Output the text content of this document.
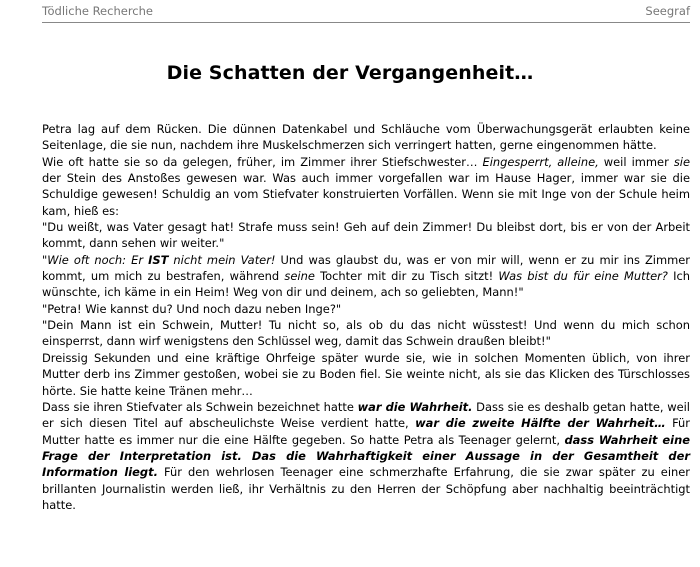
Tödliche Recherche	Seegraf
Die Schatten der Vergangenheit…

Petra lag auf dem Rücken. Die dünnen Datenkabel und Schläuche vom Überwachungsgerät erlaubten keine Seitenlage, die sie nun, nachdem ihre Muskelschmerzen sich verringert hatten, gerne eingenommen hätte.

Wie oft hatte sie so da gelegen, früher, im Zimmer ihrer Stiefschwester… Eingesperrt, alleine, weil immer sie der Stein des Anstoßes gewesen war. Was auch immer vorgefallen war im Hause Hager, immer war sie die Schuldige gewesen! Schuldig an vom Stiefvater konstruierten Vorfällen. Wenn sie mit Inge von der Schule heim kam, hieß es:

"Du weißt, was Vater gesagt hat! Strafe muss sein! Geh auf dein Zimmer! Du bleibst dort, bis er von der Arbeit kommt, dann sehen wir weiter."

"Wie oft noch: Er IST nicht mein Vater! Und was glaubst du, was er von mir will, wenn er zu mir ins Zimmer kommt, um mich zu bestrafen, während seine Tochter mit dir zu Tisch sitzt! Was bist du für eine Mutter? Ich wünschte, ich käme in ein Heim! Weg von dir und deinem, ach so geliebten, Mann!"

"Petra! Wie kannst du? Und noch dazu neben Inge?"

"Dein Mann ist ein Schwein, Mutter! Tu nicht so, als ob du das nicht wüsstest! Und wenn du mich schon einsperrst, dann wirf wenigstens den Schlüssel weg, damit das Schwein draußen bleibt!"

Dreissig Sekunden und eine kräftige Ohrfeige später wurde sie, wie in solchen Momenten üblich, von ihrer Mutter derb ins Zimmer gestoßen, wobei sie zu Boden fiel. Sie weinte nicht, als sie das Klicken des Türschlosses hörte. Sie hatte keine Tränen mehr…

Dass sie ihren Stiefvater als Schwein bezeichnet hatte war die Wahrheit. Dass sie es deshalb getan hatte, weil er sich diesen Titel auf abscheulichste Weise verdient hatte, war die zweite Hälfte der Wahrheit… Für Mutter hatte es immer nur die eine Hälfte gegeben. So hatte Petra als Teenager gelernt, dass Wahrheit eine Frage der Interpretation ist. Das die Wahrhaftigkeit einer Aussage in der Gesamtheit der Information liegt. Für den wehrlosen Teenager eine schmerzhafte Erfahrung, die sie zwar später zu einer brillanten Journalistin werden ließ, ihr Verhältnis zu den Herren der Schöpfung aber nachhaltig beeinträchtigt hatte.
